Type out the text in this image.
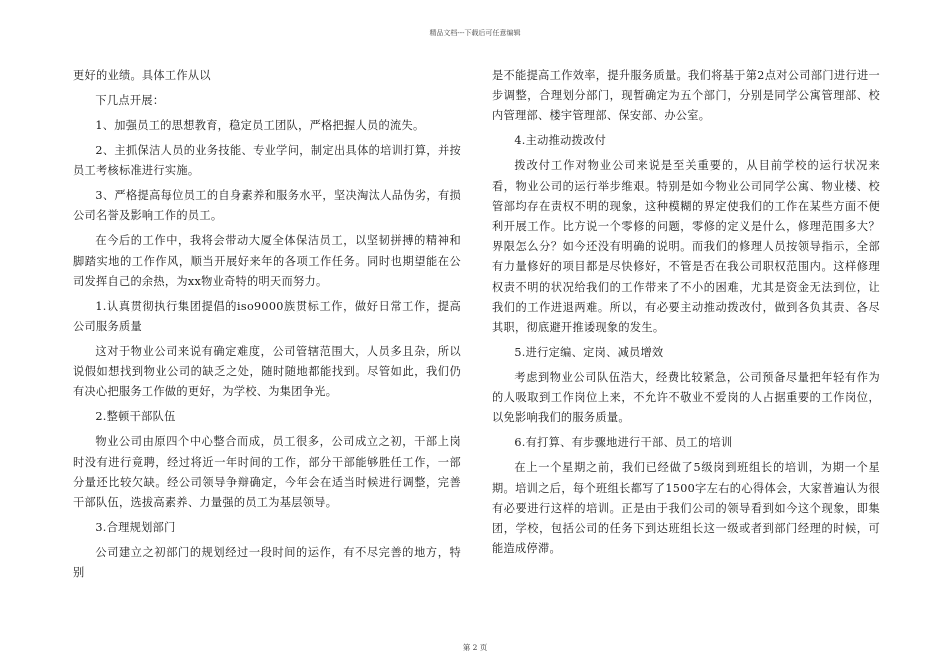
精品文档---下载后可任意编辑

更好的业绩。具体工作从以

下几点开展：

1、加强员工的思想教育，稳定员工团队，严格把握人员的流失。

2、主抓保洁人员的业务技能、专业学问，制定出具体的培训打算，并按员工考核标准进行实施。

3、严格提高每位员工的自身素养和服务水平，坚决淘汰人品伪劣，有损公司名誉及影响工作的员工。

在今后的工作中，我将会带动大厦全体保洁员工，以坚韧拼搏的精神和脚踏实地的工作作风，顺当开展好来年的各项工作任务。同时也期望能在公司发挥自己的余热，为xx物业奇特的明天而努力。

1.认真贯彻执行集团提倡的iso9000族贯标工作，做好日常工作，提高公司服务质量

这对于物业公司来说有确定难度，公司管辖范围大，人员多且杂，所以说假如想找到物业公司的缺乏之处，随时随地都能找到。尽管如此，我们仍有决心把服务工作做的更好，为学校、为集团争光。

2.整顿干部队伍

物业公司由原四个中心整合而成，员工很多，公司成立之初，干部上岗时没有进行竟聘，经过将近一年时间的工作，部分干部能够胜任工作，一部分量还比较欠缺。经公司领导争辩确定，今年会在适当时候进行调整，完善干部队伍，选拔高素养、力量强的员工为基层领导。

3.合理规划部门

公司建立之初部门的规划经过一段时间的运作，有不尽完善的地方，特别

是不能提高工作效率，提升服务质量。我们将基于第2点对公司部门进行进一步调整，合理划分部门，现暂确定为五个部门，分别是同学公寓管理部、校内管理部、楼宇管理部、保安部、办公室。

4.主动推动拨改付

拨改付工作对物业公司来说是至关重要的，从目前学校的运行状况来看，物业公司的运行举步维艰。特别是如今物业公司同学公寓、物业楼、校管部均存在责权不明的现象，这种模糊的界定使我们的工作在某些方面不便利开展工作。比方说一个零修的问题，零修的定义是什么，修理范围多大？界限怎么分？如今还没有明确的说明。而我们的修理人员按领导指示，全部有力量修好的项目都是尽快修好，不管是否在我公司职权范围内。这样修理权责不明的状况给我们的工作带来了不小的困难，尤其是资金无法到位，让我们的工作进退两难。所以，有必要主动推动拨改付，做到各负其责、各尽其职，彻底避开推诿现象的发生。

5.进行定编、定岗、减员增效

考虑到物业公司队伍浩大，经费比较紧急，公司预备尽量把年轻有作为的人吸取到工作岗位上来，不允许不敬业不爱岗的人占据重要的工作岗位，以免影响我们的服务质量。

6.有打算、有步骤地进行干部、员工的培训

在上一个星期之前，我们已经做了5级岗到班组长的培训，为期一个星期。培训之后，每个班组长都写了1500字左右的心得体会，大家普遍认为很有必要进行这样的培训。正是由于我们公司的领导看到如今这个现象，即集团，学校，包括公司的任务下到达班组长这一级或者到部门经理的时候，可能造成停滞。

第 2 页
